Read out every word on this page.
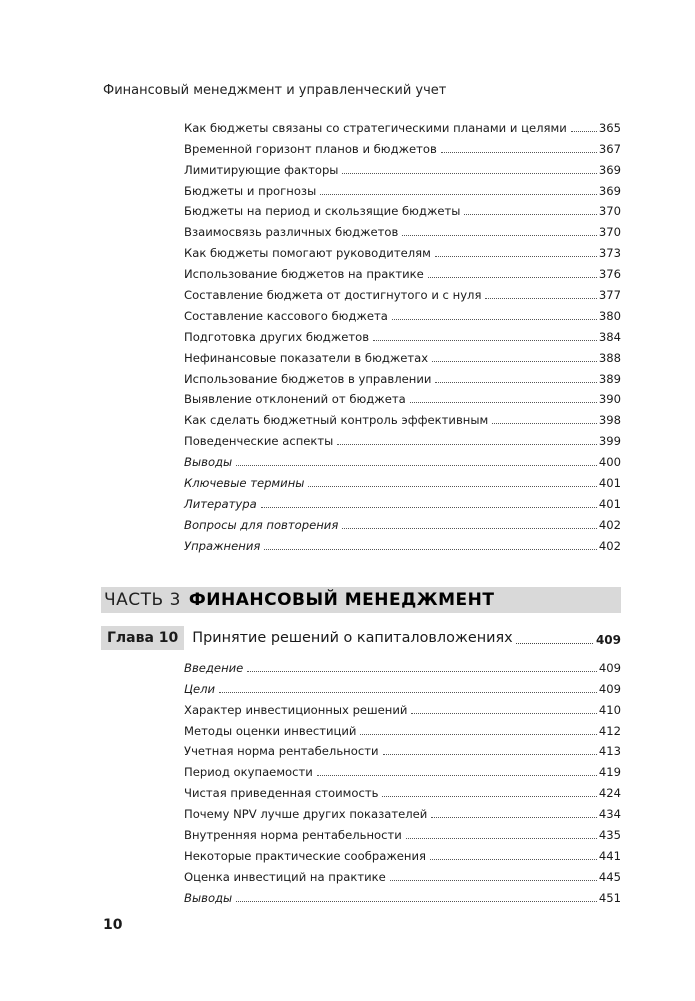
Финансовый менеджмент и управленческий учет
Как бюджеты связаны со стратегическими планами и целями	365
Временной горизонт планов и бюджетов	367
Лимитирующие факторы	369
Бюджеты и прогнозы	369
Бюджеты на период и скользящие бюджеты	370
Взаимосвязь различных бюджетов	370
Как бюджеты помогают руководителям	373
Использование бюджетов на практике	376
Составление бюджета от достигнутого и с нуля	377
Составление кассового бюджета	380
Подготовка других бюджетов	384
Нефинансовые показатели в бюджетах	388
Использование бюджетов в управлении	389
Выявление отклонений от бюджета	390
Как сделать бюджетный контроль эффективным	398
Поведенческие аспекты	399
Выводы	400
Ключевые термины	401
Литература	401
Вопросы для повторения	402
Упражнения	402
ЧАСТЬ 3 ФИНАНСОВЫЙ МЕНЕДЖМЕНТ
Глава 10 Принятие решений о капиталовложениях	409
Введение	409
Цели	409
Характер инвестиционных решений	410
Методы оценки инвестиций	412
Учетная норма рентабельности	413
Период окупаемости	419
Чистая приведенная стоимость	424
Почему NPV лучше других показателей	434
Внутренняя норма рентабельности	435
Некоторые практические соображения	441
Оценка инвестиций на практике	445
Выводы	451
10
